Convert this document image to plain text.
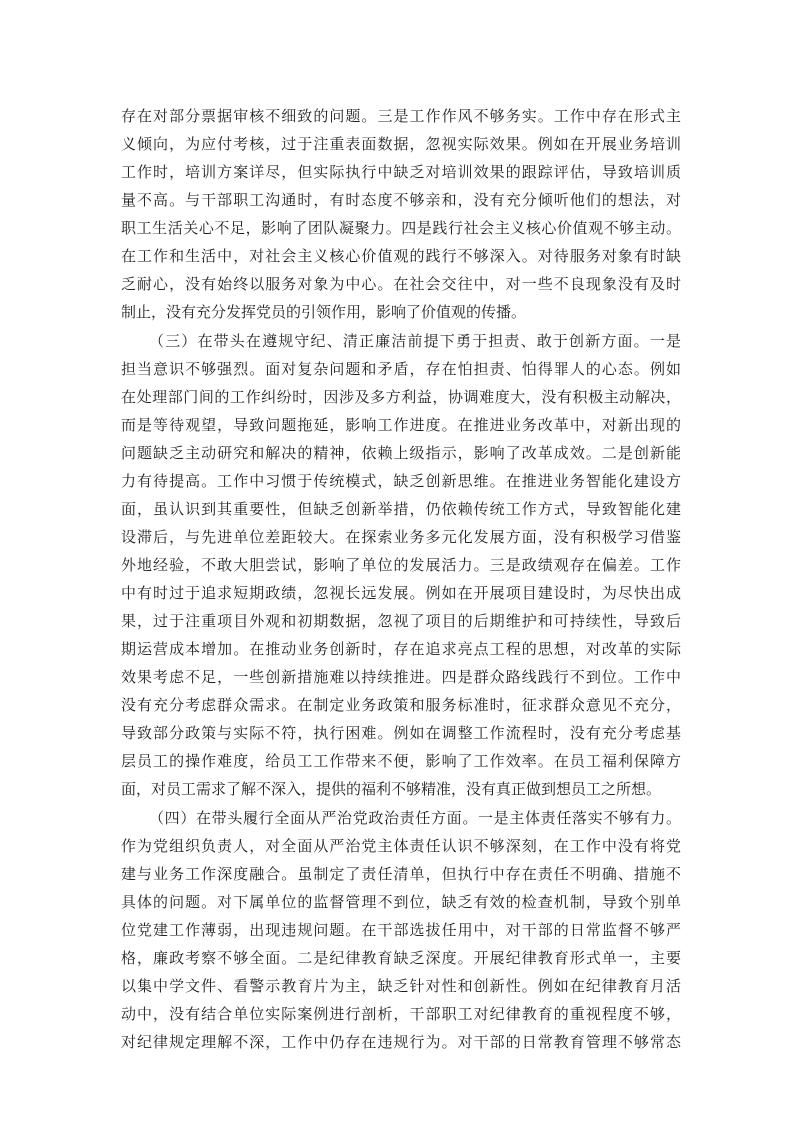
存在对部分票据审核不细致的问题。三是工作作风不够务实。工作中存在形式主
义倾向，为应付考核，过于注重表面数据，忽视实际效果。例如在开展业务培训
工作时，培训方案详尽，但实际执行中缺乏对培训效果的跟踪评估，导致培训质
量不高。与干部职工沟通时，有时态度不够亲和，没有充分倾听他们的想法，对
职工生活关心不足，影响了团队凝聚力。四是践行社会主义核心价值观不够主动。
在工作和生活中，对社会主义核心价值观的践行不够深入。对待服务对象有时缺
乏耐心，没有始终以服务对象为中心。在社会交往中，对一些不良现象没有及时
制止，没有充分发挥党员的引领作用，影响了价值观的传播。
（三）在带头在遵规守纪、清正廉洁前提下勇于担责、敢于创新方面。一是
担当意识不够强烈。面对复杂问题和矛盾，存在怕担责、怕得罪人的心态。例如
在处理部门间的工作纠纷时，因涉及多方利益，协调难度大，没有积极主动解决，
而是等待观望，导致问题拖延，影响工作进度。在推进业务改革中，对新出现的
问题缺乏主动研究和解决的精神，依赖上级指示，影响了改革成效。二是创新能
力有待提高。工作中习惯于传统模式，缺乏创新思维。在推进业务智能化建设方
面，虽认识到其重要性，但缺乏创新举措，仍依赖传统工作方式，导致智能化建
设滞后，与先进单位差距较大。在探索业务多元化发展方面，没有积极学习借鉴
外地经验，不敢大胆尝试，影响了单位的发展活力。三是政绩观存在偏差。工作
中有时过于追求短期政绩，忽视长远发展。例如在开展项目建设时，为尽快出成
果，过于注重项目外观和初期数据，忽视了项目的后期维护和可持续性，导致后
期运营成本增加。在推动业务创新时，存在追求亮点工程的思想，对改革的实际
效果考虑不足，一些创新措施难以持续推进。四是群众路线践行不到位。工作中
没有充分考虑群众需求。在制定业务政策和服务标准时，征求群众意见不充分，
导致部分政策与实际不符，执行困难。例如在调整工作流程时，没有充分考虑基
层员工的操作难度，给员工工作带来不便，影响了工作效率。在员工福利保障方
面，对员工需求了解不深入，提供的福利不够精准，没有真正做到想员工之所想。
（四）在带头履行全面从严治党政治责任方面。一是主体责任落实不够有力。
作为党组织负责人，对全面从严治党主体责任认识不够深刻，在工作中没有将党
建与业务工作深度融合。虽制定了责任清单，但执行中存在责任不明确、措施不
具体的问题。对下属单位的监督管理不到位，缺乏有效的检查机制，导致个别单
位党建工作薄弱，出现违规问题。在干部选拔任用中，对干部的日常监督不够严
格，廉政考察不够全面。二是纪律教育缺乏深度。开展纪律教育形式单一，主要
以集中学文件、看警示教育片为主，缺乏针对性和创新性。例如在纪律教育月活
动中，没有结合单位实际案例进行剖析，干部职工对纪律教育的重视程度不够，
对纪律规定理解不深，工作中仍存在违规行为。对干部的日常教育管理不够常态
